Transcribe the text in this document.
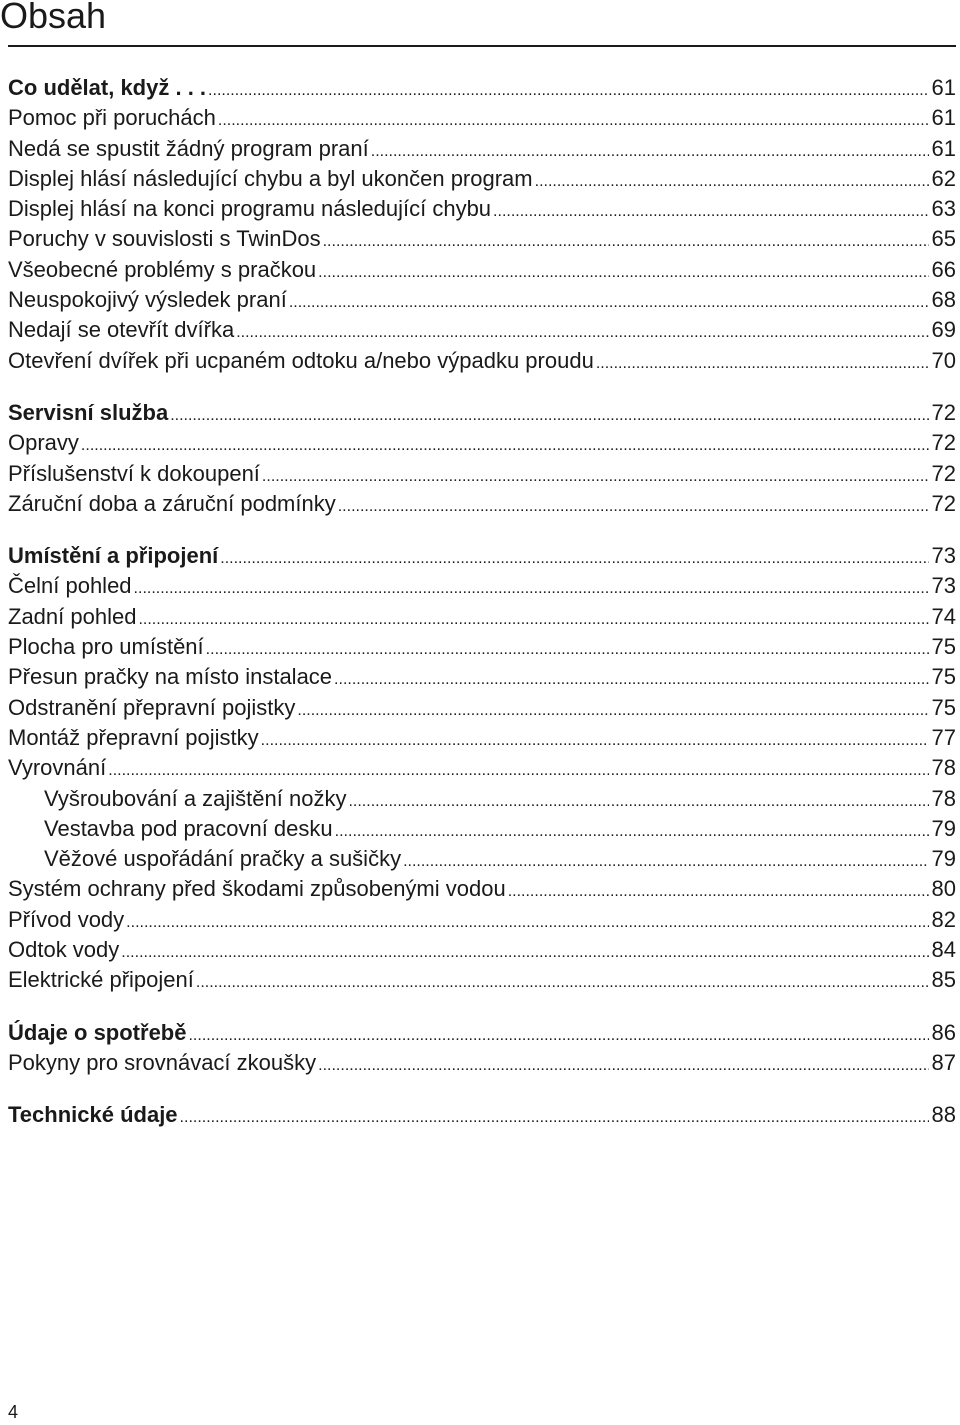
Obsah
Co udělat, když . . . .....	61
Pomoc při poruchách .....	61
Nedá se spustit žádný program praní .....	61
Displej hlásí následující chybu a byl ukončen program .....	62
Displej hlásí na konci programu následující chybu .....	63
Poruchy v souvislosti s TwinDos .....	65
Všeobecné problémy s pračkou .....	66
Neuspokojivý výsledek praní .....	68
Nedají se otevřít dvířka .....	69
Otevření dvířek při ucpaném odtoku a/nebo výpadku proudu .....	70
Servisní služba .....	72
Opravy .....	72
Příslušenství k dokoupení .....	72
Záruční doba a záruční podmínky .....	72
Umístění a připojení .....	73
Čelní pohled .....	73
Zadní pohled .....	74
Plocha pro umístění .....	75
Přesun pračky na místo instalace .....	75
Odstranění přepravní pojistky .....	75
Montáž přepravní pojistky .....	77
Vyrovnání .....	78
Vyšroubování a zajištění nožky .....	78
Vestavba pod pracovní desku .....	79
Věžové uspořádání pračky a sušičky .....	79
Systém ochrany před škodami způsobenými vodou .....	80
Přívod vody .....	82
Odtok vody .....	84
Elektrické připojení .....	85
Údaje o spotřebě .....	86
Pokyny pro srovnávací zkoušky .....	87
Technické údaje .....	88
4
